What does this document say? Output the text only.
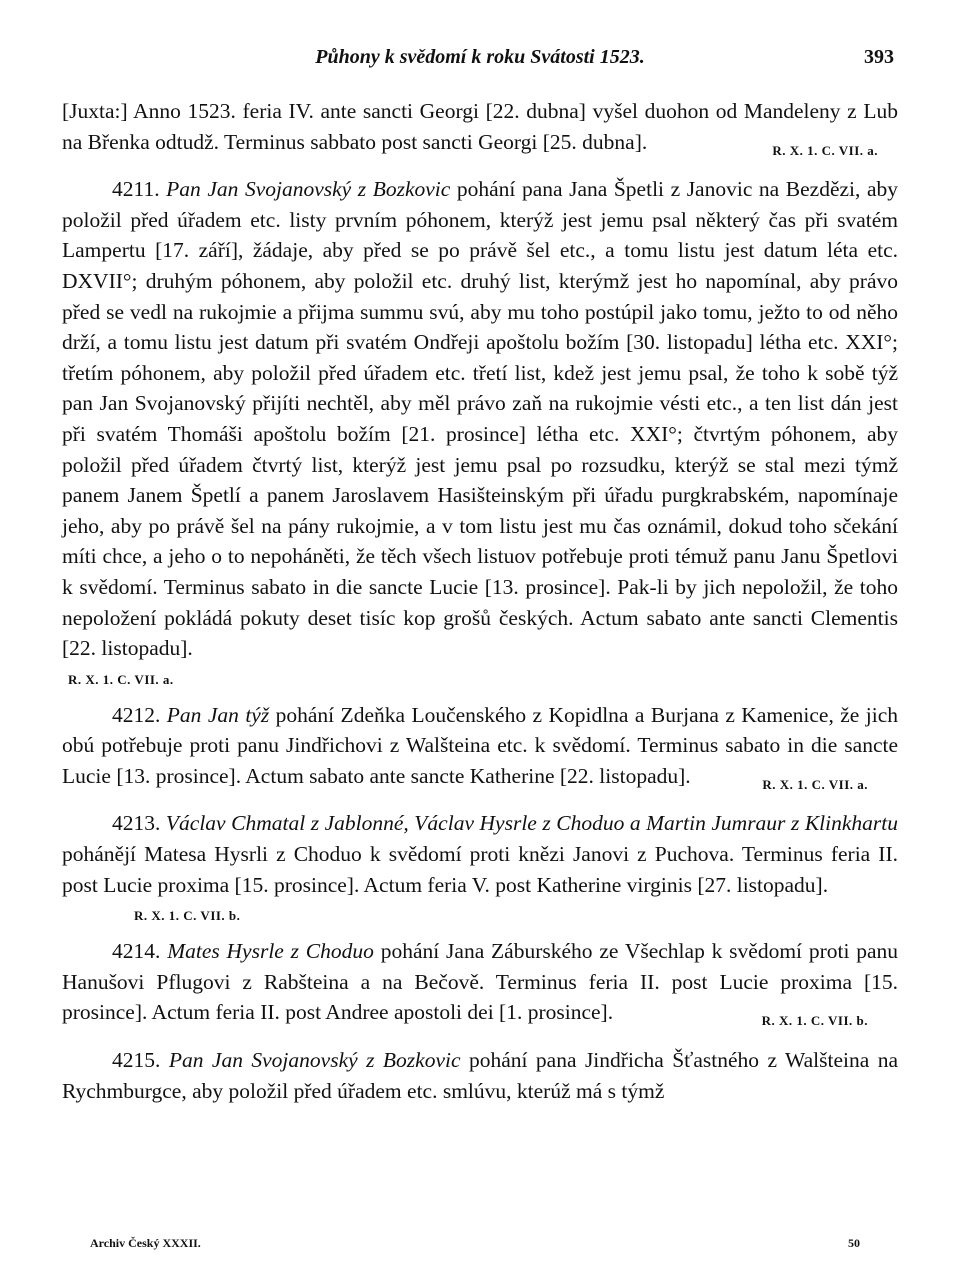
Půhony k svědomí k roku Svátosti 1523.	393

[Juxta:] Anno 1523. feria IV. ante sancti Georgi [22. dubna] vyšel duohon od Mandeleny z Lub na Břenka odtudž. Terminus sabbato post sancti Georgi [25. dubna].	R. X. 1. C. VII. a.

4211. Pan Jan Svojanovský z Bozkovic pohání pana Jana Špetli z Janovic na Bezdězi, aby položil před úřadem etc. listy prvním póhonem, kterýž jest jemu psal některý čas při svatém Lampertu [17. září], žádaje, aby před se po právě šel etc., a tomu listu jest datum léta etc. DXVII°; druhým póhonem, aby položil etc. druhý list, kterýmž jest ho napomínal, aby právo před se vedl na rukojmie a přijma summu svú, aby mu toho postúpil jako tomu, ježto to od něho drží, a tomu listu jest datum při svatém Ondřeji apoštolu božím [30. listopadu] létha etc. XXI°; třetím póhonem, aby položil před úřadem etc. třetí list, kdež jest jemu psal, že toho k sobě týž pan Jan Svojanovský přijíti nechtěl, aby měl právo zaň na rukojmie vésti etc., a ten list dán jest při svatém Thomáši apoštolu božím [21. prosince] létha etc. XXI°; čtvrtým póhonem, aby položil před úřadem čtvrtý list, kterýž jest jemu psal po rozsudku, kterýž se stal mezi týmž panem Janem Špetlí a panem Jaroslavem Hasišteinským při úřadu purgkrabském, napomínaje jeho, aby po právě šel na pány rukojmie, a v tom listu jest mu čas oznámil, dokud toho sčekání míti chce, a jeho o to nepoháněti, že těch všech listuov potřebuje proti témuž panu Janu Špetlovi k svědomí. Terminus sabato in die sancte Lucie [13. prosince]. Pak-li by jich nepoložil, že toho nepoložení pokládá pokuty deset tisíc kop grošů českých. Actum sabato ante sancti Clementis [22. listopadu].

R. X. 1. C. VII. a.

4212. Pan Jan týž pohání Zdeňka Loučenského z Kopidlna a Burjana z Kamenice, že jich obú potřebuje proti panu Jindřichovi z Walšteina etc. k svědomí. Terminus sabato in die sancte Lucie [13. prosince]. Actum sabato ante sancte Katherine [22. listopadu].	R. X. 1. C. VII. a.

4213. Václav Chmatal z Jablonné, Václav Hysrle z Choduo a Martin Jumraur z Klinkhartu pohánějí Matesa Hysrli z Choduo k svědomí proti knězi Janovi z Puchova. Terminus feria II. post Lucie proxima [15. prosince]. Actum feria V. post Katherine virginis [27. listopadu].

R. X. 1. C. VII. b.

4214. Mates Hysrle z Choduo pohání Jana Záburského ze Všechlap k svědomí proti panu Hanušovi Pflugovi z Rabšteina a na Bečově. Terminus feria II. post Lucie proxima [15. prosince]. Actum feria II. post Andree apostoli dei [1. prosince].	R. X. 1. C. VII. b.

4215. Pan Jan Svojanovský z Bozkovic pohání pana Jindřicha Šťastného z Walšteina na Rychmburgce, aby položil před úřadem etc. smlúvu, kterúž má s týmž

Archiv Český XXXII.	50
